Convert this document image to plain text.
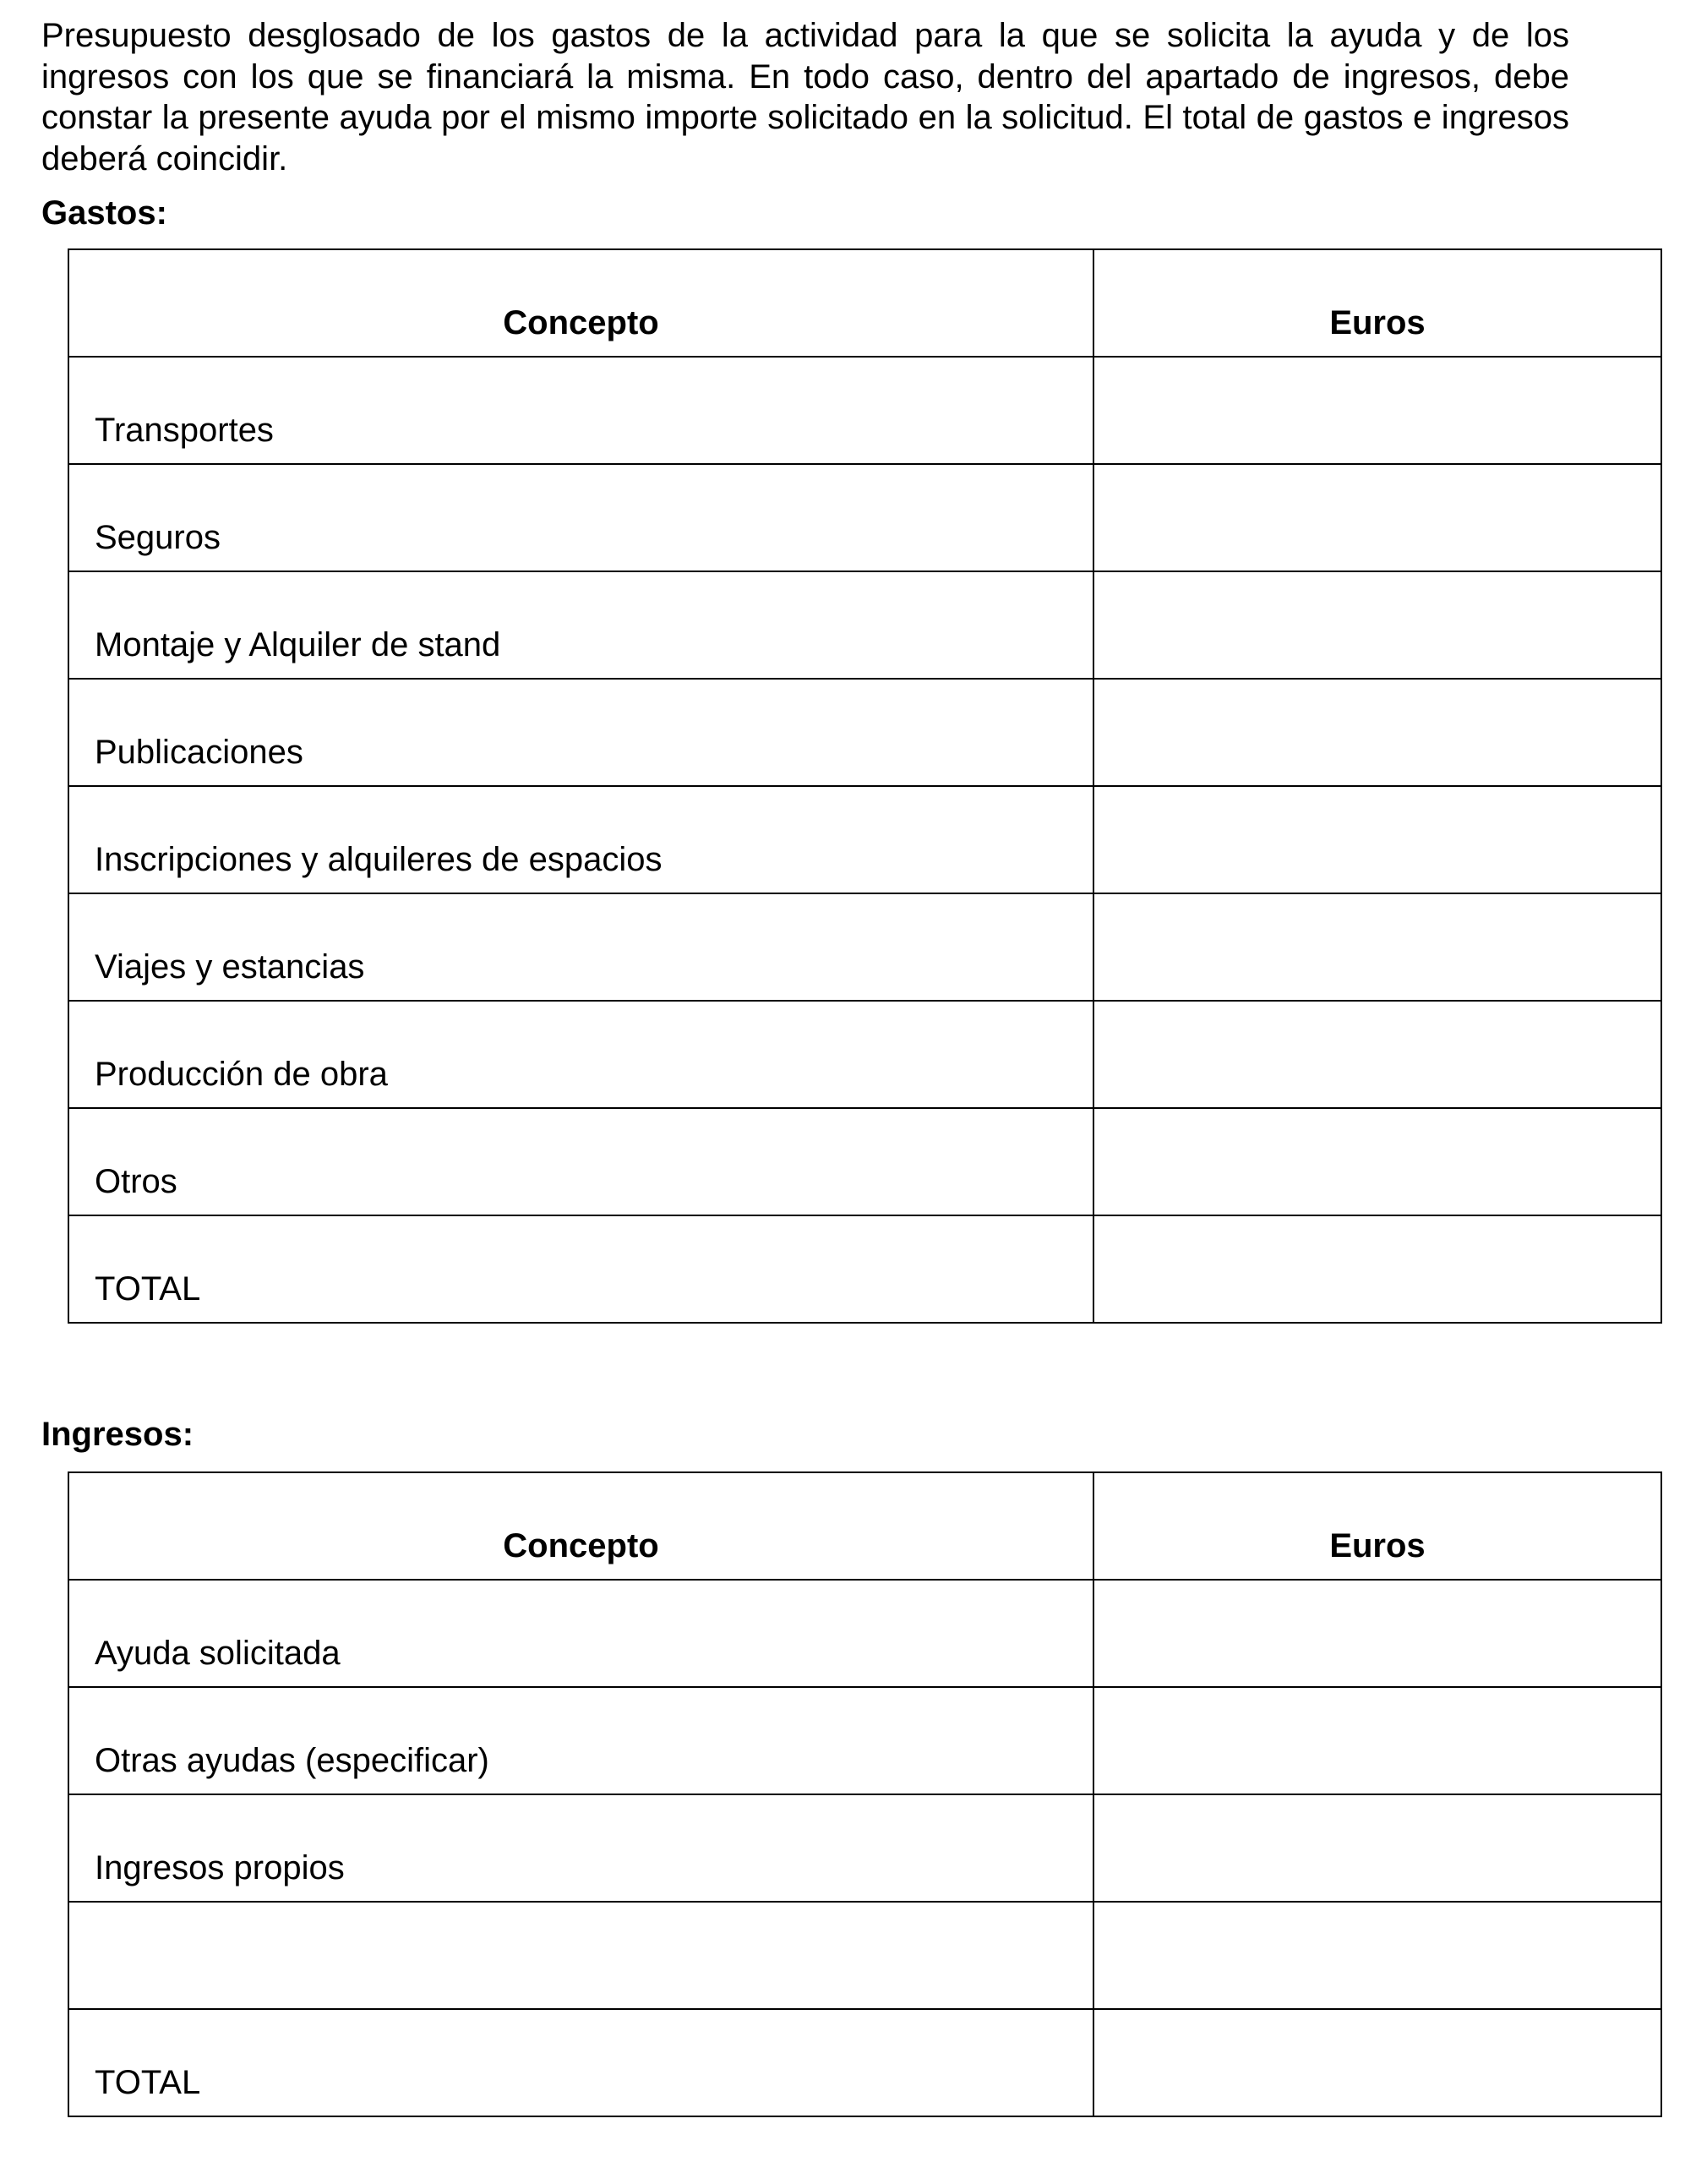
Presupuesto desglosado de los gastos de la actividad para la que se solicita la ayuda y de los ingresos con los que se financiará la misma. En todo caso, dentro del apartado de ingresos, debe constar la presente ayuda por el mismo importe solicitado en la solicitud. El total de gastos e ingresos deberá coincidir.

Gastos:
Concepto	Euros
Transportes	
Seguros	
Montaje y Alquiler de stand	
Publicaciones	
Inscripciones y alquileres de espacios	
Viajes y estancias	
Producción de obra	
Otros	
TOTAL	
Ingresos:
Concepto	Euros
Ayuda solicitada	
Otras ayudas (especificar)	
Ingresos propios	

TOTAL	
